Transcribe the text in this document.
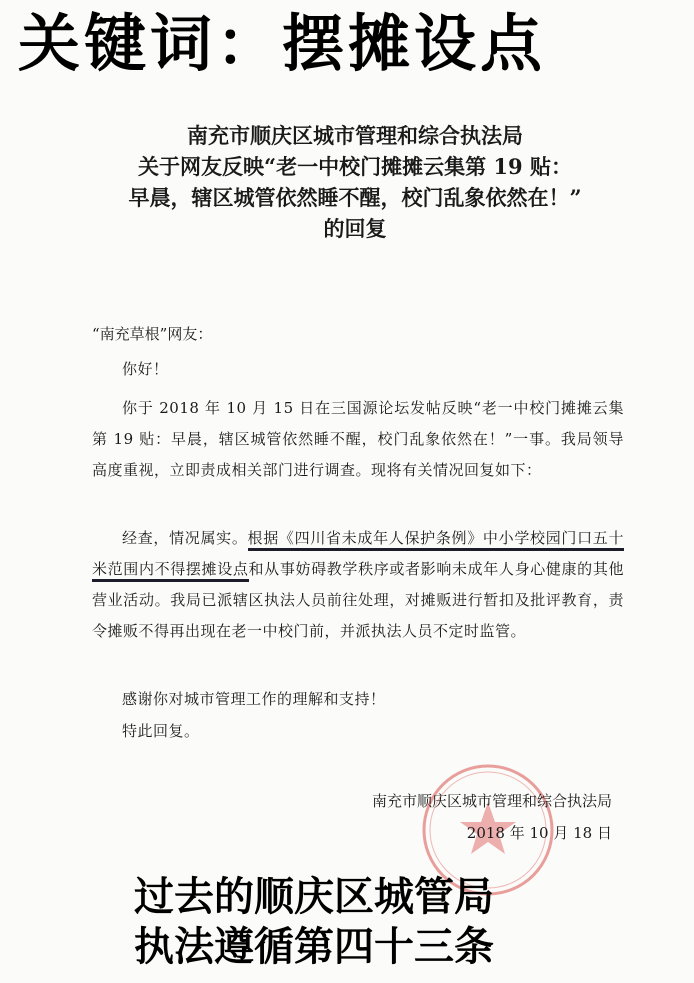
关键词：摆摊设点
南充市顺庆区城市管理和综合执法局
关于网友反映“老一中校门摊摊云集第 19 贴：
早晨，辖区城管依然睡不醒，校门乱象依然在！”
的回复
“南充草根”网友：
你好！
你于 2018 年 10 月 15 日在三国源论坛发帖反映“老一中校门摊摊云集第 19 贴：早晨，辖区城管依然睡不醒，校门乱象依然在！”一事。我局领导高度重视，立即责成相关部门进行调查。现将有关情况回复如下：
经查，情况属实。根据《四川省未成年人保护条例》中小学校园门口五十米范围内不得摆摊设点和从事妨碍教学秩序或者影响未成年人身心健康的其他营业活动。我局已派辖区执法人员前往处理，对摊贩进行暂扣及批评教育，责令摊贩不得再出现在老一中校门前，并派执法人员不定时监管。
感谢你对城市管理工作的理解和支持！
特此回复。
南充市顺庆区城市管理和综合执法局
2018 年 10 月 18 日
过去的顺庆区城管局
执法遵循第四十三条
